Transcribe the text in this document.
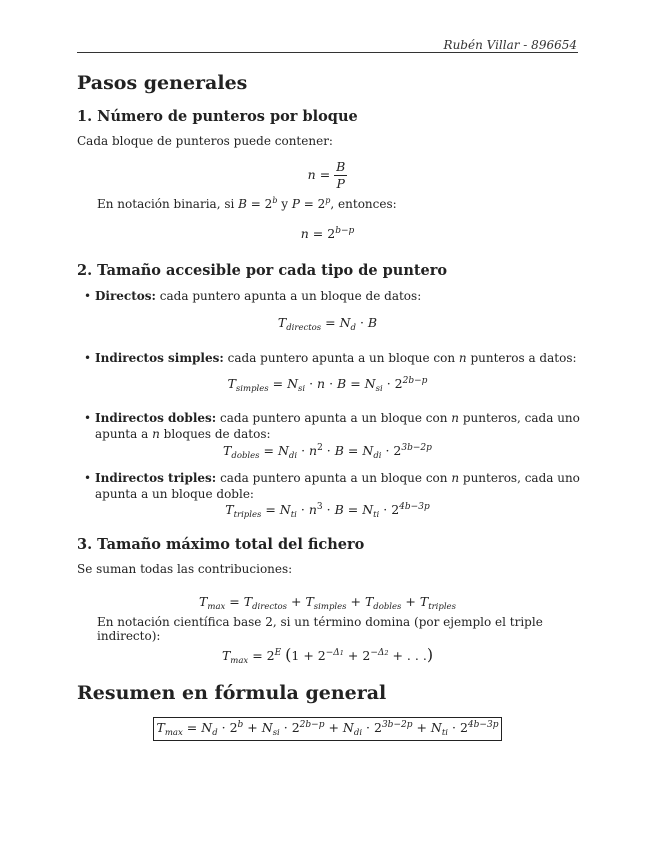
Rubén Villar - 896654
Pasos generales
1. Número de punteros por bloque
Cada bloque de punteros puede contener:
$n = \frac{B}{P}$
En notación binaria, si $B = 2^b$ y $P = 2^p$, entonces:
$n = 2^{b-p}$
2. Tamaño accesible por cada tipo de puntero
• Directos: cada puntero apunta a un bloque de datos:
$T_{directos} = N_d \cdot B$
• Indirectos simples: cada puntero apunta a un bloque con n punteros a datos:
$T_{simples} = N_{si} \cdot n \cdot B = N_{si} \cdot 2^{2b-p}$
• Indirectos dobles: cada puntero apunta a un bloque con n punteros, cada uno apunta a n bloques de datos:
$T_{dobles} = N_{di} \cdot n^2 \cdot B = N_{di} \cdot 2^{3b-2p}$
• Indirectos triples: cada puntero apunta a un bloque con n punteros, cada uno apunta a un bloque doble:
$T_{triples} = N_{ti} \cdot n^3 \cdot B = N_{ti} \cdot 2^{4b-3p}$
3. Tamaño máximo total del fichero
Se suman todas las contribuciones:
$T_{max} = T_{directos} + T_{simples} + T_{dobles} + T_{triples}$
En notación científica base 2, si un término domina (por ejemplo el triple indirecto):
$T_{max} = 2^E$ ($1 + 2^{-\Delta 1} + 2^{-\Delta 2}$ + . . .)
Resumen en fórmula general
$T_{max} = N_d \cdot 2^b + N_{si} \cdot 2^{2b-p} + N_{di} \cdot 2^{3b-2p} + N_{ti} \cdot 2^{4b-3p}$
